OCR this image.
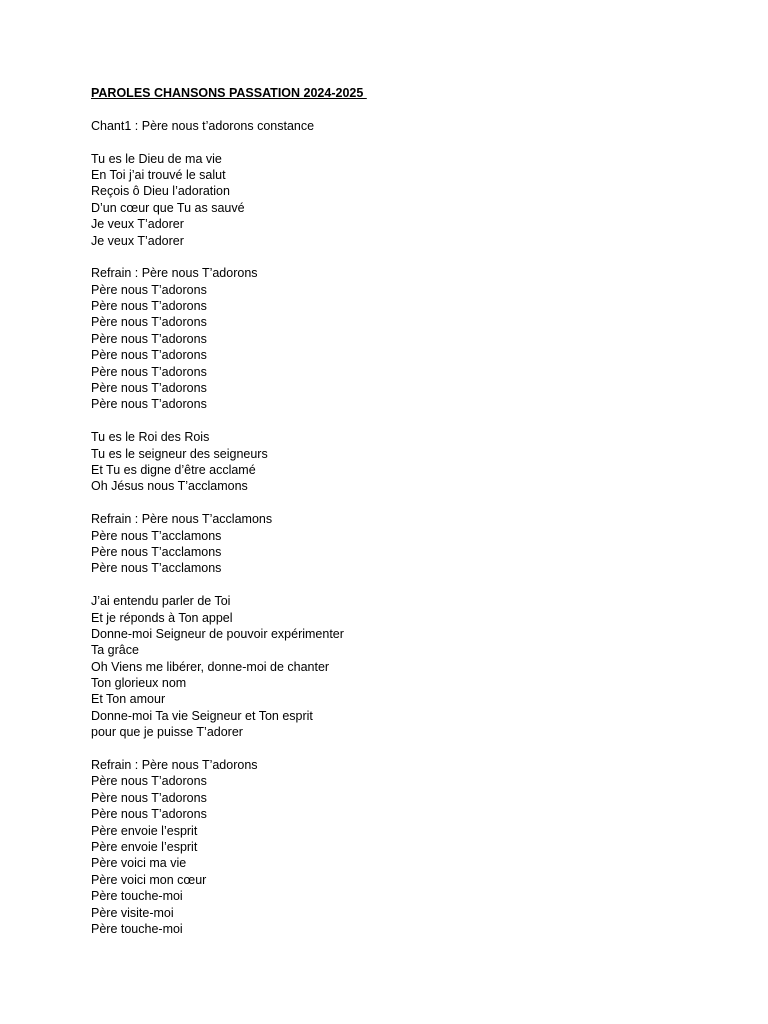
PAROLES CHANSONS PASSATION 2024-2025

Chant1 : Père nous t’adorons constance

Tu es le Dieu de ma vie

En Toi j’ai trouvé le salut

Reçois ô Dieu l’adoration

D’un cœur que Tu as sauvé

Je veux T’adorer

Je veux T’adorer

Refrain : Père nous T’adorons

Père nous T’adorons

Père nous T’adorons

Père nous T’adorons

Père nous T’adorons

Père nous T’adorons

Père nous T’adorons

Père nous T’adorons

Père nous T’adorons

Tu es le Roi des Rois

Tu es le seigneur des seigneurs

Et Tu es digne d’être acclamé

Oh Jésus nous T’acclamons

Refrain : Père nous T’acclamons

Père nous T’acclamons

Père nous T’acclamons

Père nous T’acclamons

J’ai entendu parler de Toi

Et je réponds à Ton appel

Donne-moi Seigneur de pouvoir expérimenter

Ta grâce

Oh Viens me libérer, donne-moi de chanter

Ton glorieux nom

Et Ton amour

Donne-moi Ta vie Seigneur et Ton esprit

pour que je puisse T’adorer

Refrain : Père nous T’adorons

Père nous T’adorons

Père nous T’adorons

Père nous T’adorons

Père envoie l’esprit

Père envoie l’esprit

Père voici ma vie

Père voici mon cœur

Père touche-moi

Père visite-moi

Père touche-moi
